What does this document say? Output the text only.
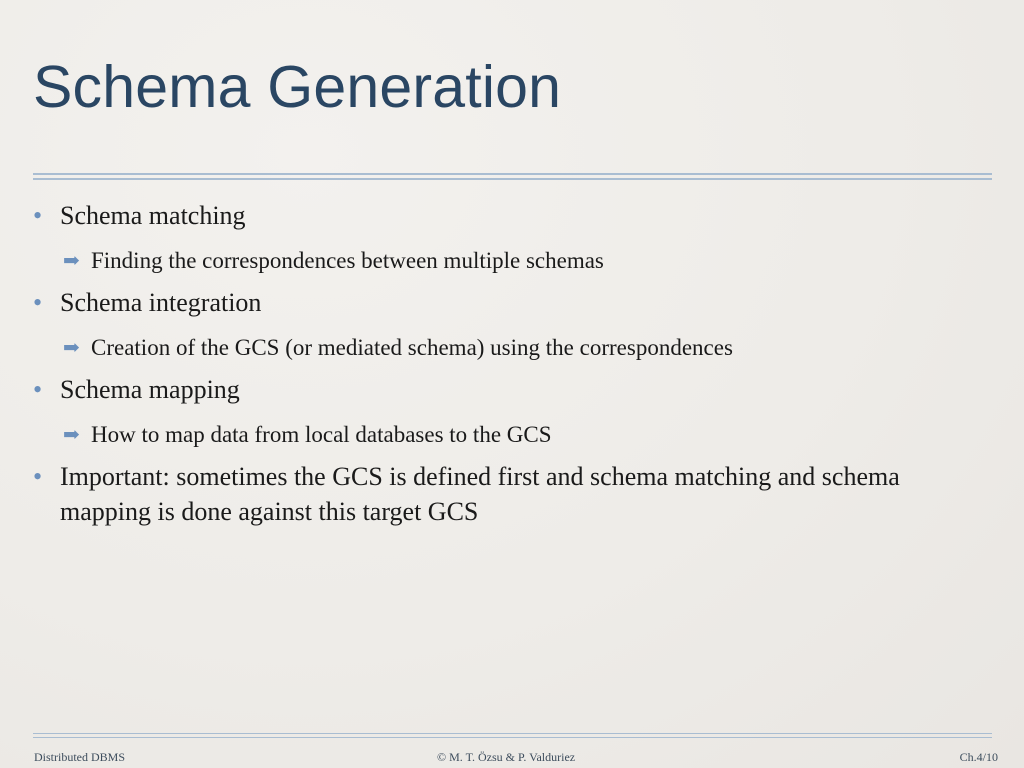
Schema Generation
• Schema matching
➡ Finding the correspondences between multiple schemas
• Schema integration
➡ Creation of the GCS (or mediated schema) using the correspondences
• Schema mapping
➡ How to map data from local databases to the GCS
• Important: sometimes the GCS is defined first and schema matching and schema mapping is done against this target GCS
Distributed DBMS	© M. T. Özsu & P. Valduriez	Ch.4/10
